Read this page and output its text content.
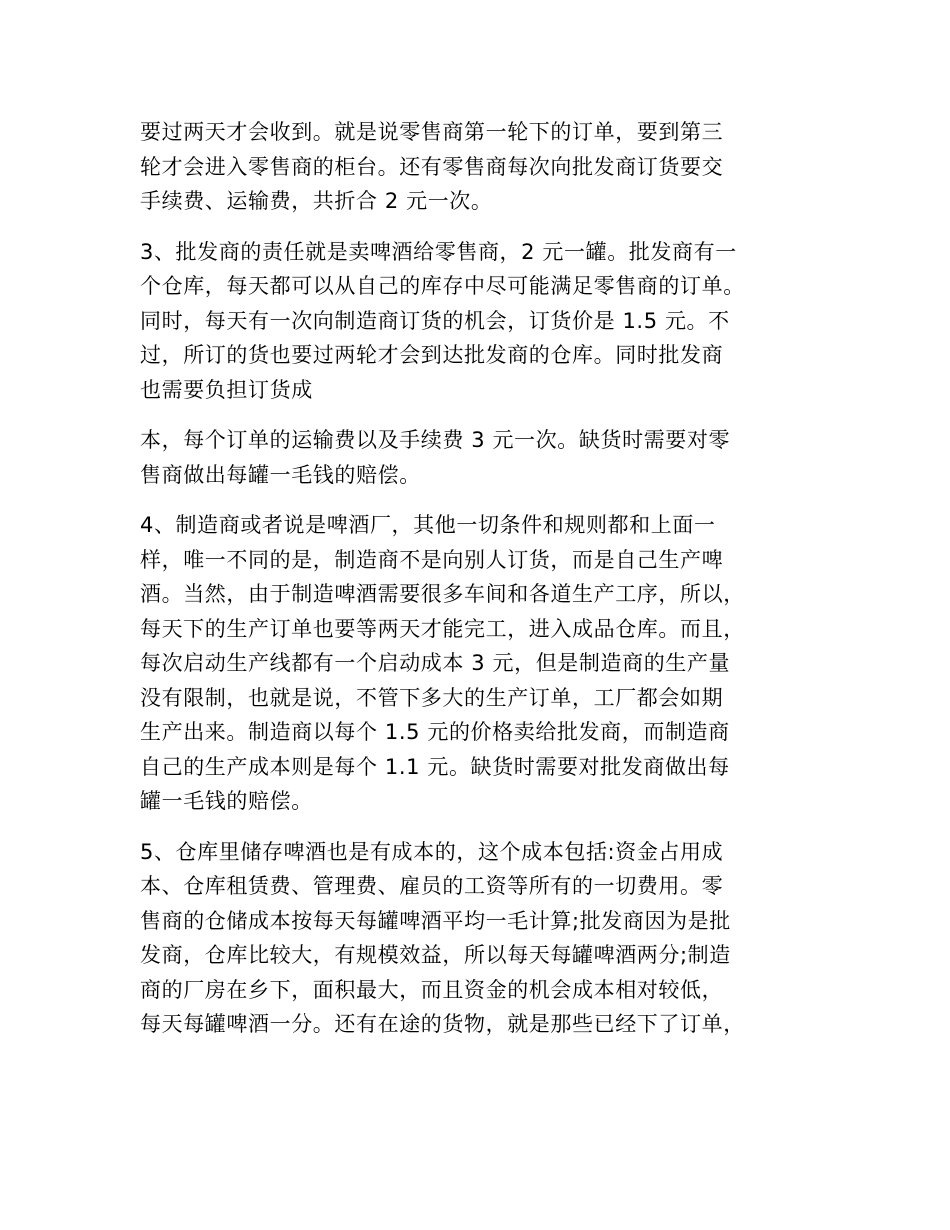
要过两天才会收到。就是说零售商第一轮下的订单，要到第三
轮才会进入零售商的柜台。还有零售商每次向批发商订货要交
手续费、运输费，共折合 2 元一次。

3、批发商的责任就是卖啤酒给零售商，2 元一罐。批发商有一
个仓库，每天都可以从自己的库存中尽可能满足零售商的订单。
同时，每天有一次向制造商订货的机会，订货价是 1.5 元。不
过，所订的货也要过两轮才会到达批发商的仓库。同时批发商
也需要负担订货成

本，每个订单的运输费以及手续费 3 元一次。缺货时需要对零
售商做出每罐一毛钱的赔偿。

4、制造商或者说是啤酒厂，其他一切条件和规则都和上面一
样，唯一不同的是，制造商不是向别人订货，而是自己生产啤
酒。当然，由于制造啤酒需要很多车间和各道生产工序，所以，
每天下的生产订单也要等两天才能完工，进入成品仓库。而且，
每次启动生产线都有一个启动成本 3 元，但是制造商的生产量
没有限制，也就是说，不管下多大的生产订单，工厂都会如期
生产出来。制造商以每个 1.5 元的价格卖给批发商，而制造商
自己的生产成本则是每个 1.1 元。缺货时需要对批发商做出每
罐一毛钱的赔偿。

5、仓库里储存啤酒也是有成本的，这个成本包括:资金占用成
本、仓库租赁费、管理费、雇员的工资等所有的一切费用。零
售商的仓储成本按每天每罐啤酒平均一毛计算;批发商因为是批
发商，仓库比较大，有规模效益，所以每天每罐啤酒两分;制造
商的厂房在乡下，面积最大，而且资金的机会成本相对较低，
每天每罐啤酒一分。还有在途的货物，就是那些已经下了订单，
